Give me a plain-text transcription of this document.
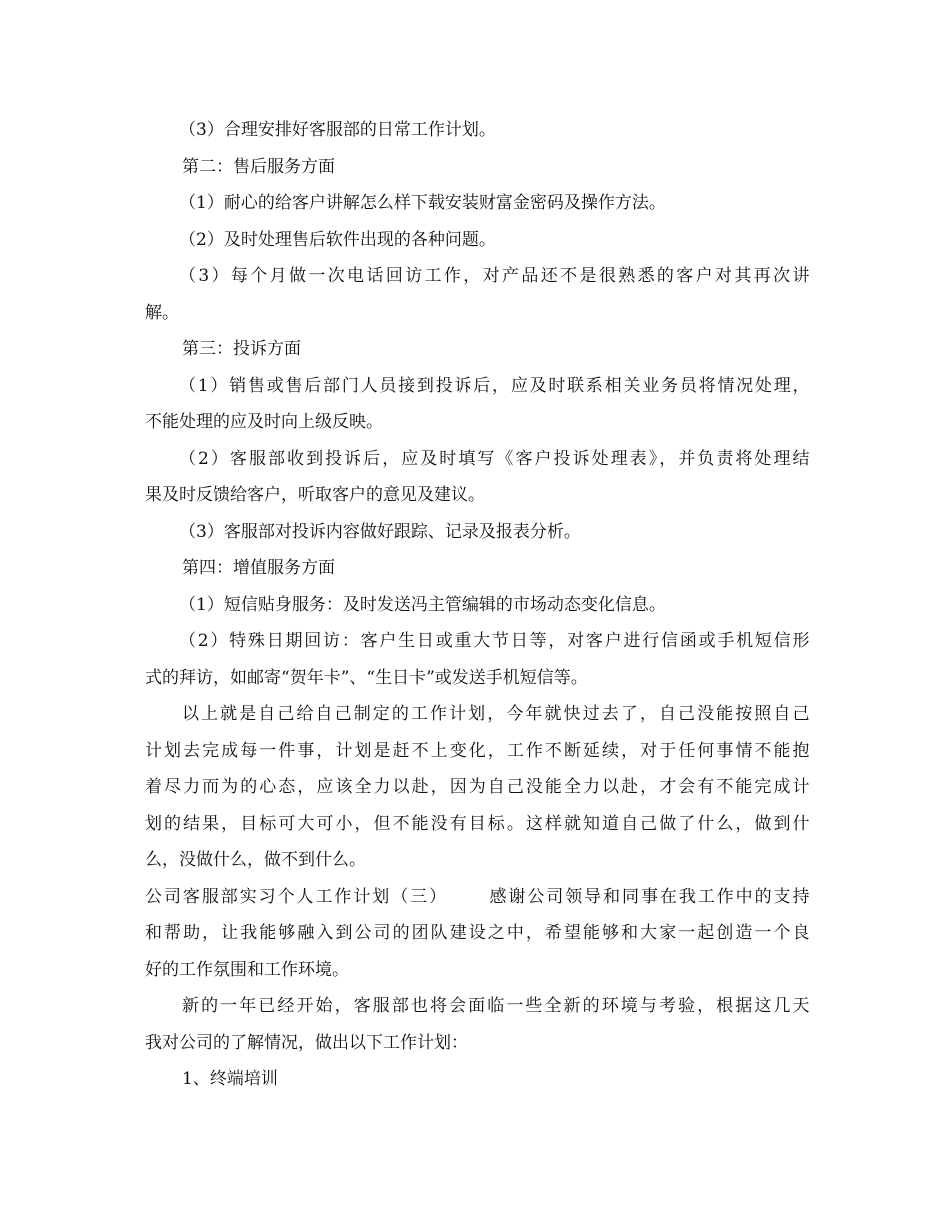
（3）合理安排好客服部的日常工作计划。
第二：售后服务方面
（1）耐心的给客户讲解怎么样下载安装财富金密码及操作方法。
（2）及时处理售后软件出现的各种问题。
（3）每个月做一次电话回访工作，对产品还不是很熟悉的客户对其再次讲
解。
第三：投诉方面
（1）销售或售后部门人员接到投诉后，应及时联系相关业务员将情况处理，
不能处理的应及时向上级反映。
（2）客服部收到投诉后，应及时填写《客户投诉处理表》，并负责将处理结
果及时反馈给客户，听取客户的意见及建议。
（3）客服部对投诉内容做好跟踪、记录及报表分析。
第四：增值服务方面
（1）短信贴身服务：及时发送冯主管编辑的市场动态变化信息。
（2）特殊日期回访：客户生日或重大节日等，对客户进行信函或手机短信形
式的拜访，如邮寄“贺年卡”、“生日卡”或发送手机短信等。
以上就是自己给自己制定的工作计划，今年就快过去了，自己没能按照自己
计划去完成每一件事，计划是赶不上变化，工作不断延续，对于任何事情不能抱
着尽力而为的心态，应该全力以赴，因为自己没能全力以赴，才会有不能完成计
划的结果，目标可大可小，但不能没有目标。这样就知道自己做了什么，做到什
么，没做什么，做不到什么。
公司客服部实习个人工作计划（三） 感谢公司领导和同事在我工作中的支持
和帮助，让我能够融入到公司的团队建设之中，希望能够和大家一起创造一个良
好的工作氛围和工作环境。
新的一年已经开始，客服部也将会面临一些全新的环境与考验，根据这几天
我对公司的了解情况，做出以下工作计划：
1、终端培训
